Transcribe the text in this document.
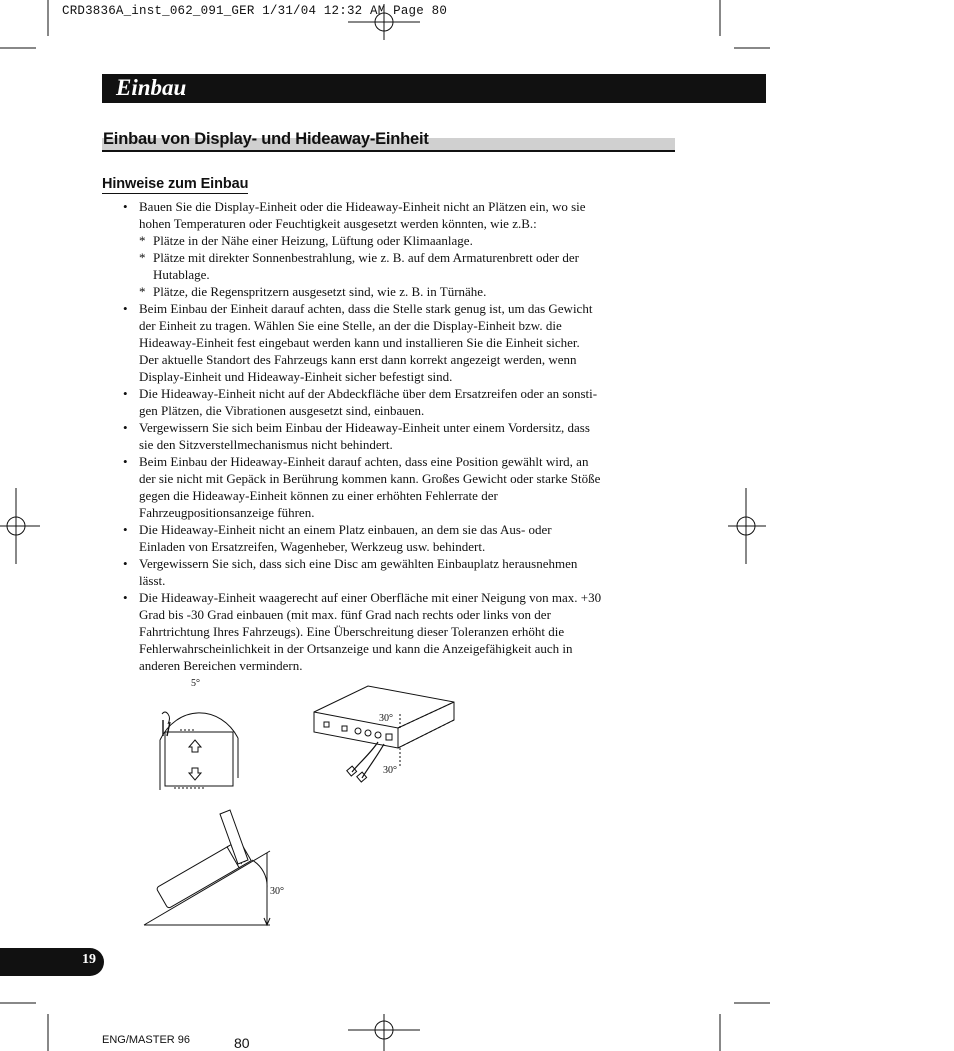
CRD3836A_inst_062_091_GER 1/31/04 12:32 AM Page 80
Einbau
Einbau von Display- und Hideaway-Einheit
Hinweise zum Einbau
• Bauen Sie die Display-Einheit oder die Hideaway-Einheit nicht an Plätzen ein, wo sie
hohen Temperaturen oder Feuchtigkeit ausgesetzt werden könnten, wie z.B.:
* Plätze in der Nähe einer Heizung, Lüftung oder Klimaanlage.
* Plätze mit direkter Sonnenbestrahlung, wie z. B. auf dem Armaturenbrett oder der
Hutablage.
* Plätze, die Regenspritzern ausgesetzt sind, wie z. B. in Türnähe.
• Beim Einbau der Einheit darauf achten, dass die Stelle stark genug ist, um das Gewicht
der Einheit zu tragen. Wählen Sie eine Stelle, an der die Display-Einheit bzw. die
Hideaway-Einheit fest eingebaut werden kann und installieren Sie die Einheit sicher.
Der aktuelle Standort des Fahrzeugs kann erst dann korrekt angezeigt werden, wenn
Display-Einheit und Hideaway-Einheit sicher befestigt sind.
• Die Hideaway-Einheit nicht auf der Abdeckfläche über dem Ersatzreifen oder an sonsti-
gen Plätzen, die Vibrationen ausgesetzt sind, einbauen.
• Vergewissern Sie sich beim Einbau der Hideaway-Einheit unter einem Vordersitz, dass
sie den Sitzverstellmechanismus nicht behindert.
• Beim Einbau der Hideaway-Einheit darauf achten, dass eine Position gewählt wird, an
der sie nicht mit Gepäck in Berührung kommen kann. Großes Gewicht oder starke Stöße
gegen die Hideaway-Einheit können zu einer erhöhten Fehlerrate der
Fahrzeugpositionsanzeige führen.
• Die Hideaway-Einheit nicht an einem Platz einbauen, an dem sie das Aus- oder
Einladen von Ersatzreifen, Wagenheber, Werkzeug usw. behindert.
• Vergewissern Sie sich, dass sich eine Disc am gewählten Einbauplatz herausnehmen
lässt.
• Die Hideaway-Einheit waagerecht auf einer Oberfläche mit einer Neigung von max. +30
Grad bis -30 Grad einbauen (mit max. fünf Grad nach rechts oder links von der
Fahrtrichtung Ihres Fahrzeugs). Eine Überschreitung dieser Toleranzen erhöht die
Fehlerwahrscheinlichkeit in der Ortsanzeige und kann die Anzeigefähigkeit auch in
anderen Bereichen vermindern.
5°
30°
30°
30°
19
ENG/MASTER 96	80
